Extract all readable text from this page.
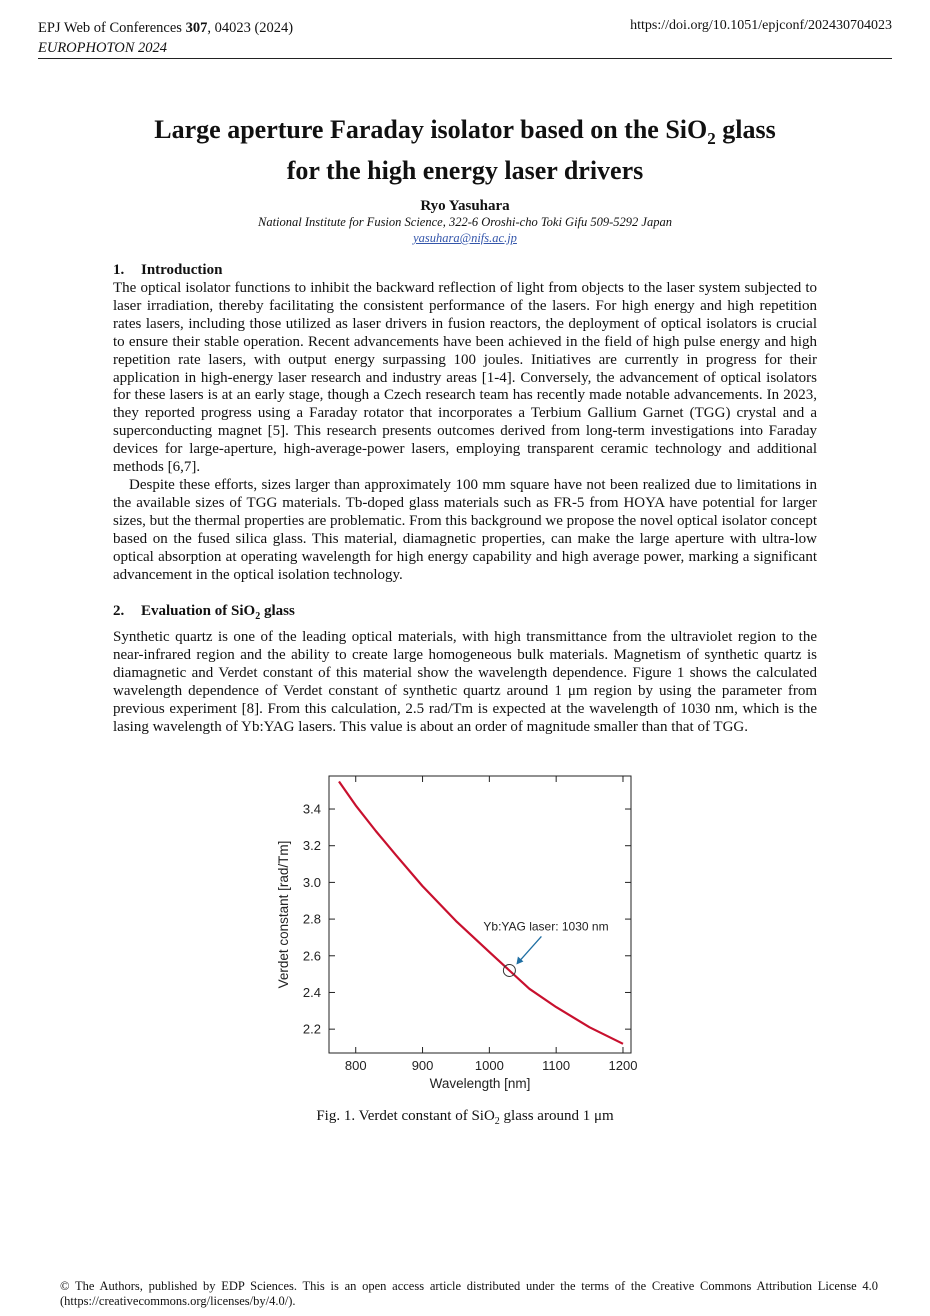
EPJ Web of Conferences 307, 04023 (2024)
EUROPHOTON 2024
https://doi.org/10.1051/epjconf/202430704023
Large aperture Faraday isolator based on the SiO$_2$ glass
for the high energy laser drivers
Ryo Yasuhara
National Institute for Fusion Science, 322-6 Oroshi-cho Toki Gifu 509-5292 Japan
yasuhara@nifs.ac.jp
1. Introduction
The optical isolator functions to inhibit the backward reflection of light from objects to the laser system subjected to laser irradiation, thereby facilitating the consistent performance of the lasers. For high energy and high repetition rates lasers, including those utilized as laser drivers in fusion reactors, the deployment of optical isolators is crucial to ensure their stable operation. Recent advancements have been achieved in the field of high pulse energy and high repetition rate lasers, with output energy surpassing 100 joules. Initiatives are currently in progress for their application in high-energy laser research and industry areas [1-4]. Conversely, the advancement of optical isolators for these lasers is at an early stage, though a Czech research team has recently made notable advancements. In 2023, they reported progress using a Faraday rotator that incorporates a Terbium Gallium Garnet (TGG) crystal and a superconducting magnet [5]. This research presents outcomes derived from long-term investigations into Faraday devices for large-aperture, high-average-power lasers, employing transparent ceramic technology and additional methods [6,7].
Despite these efforts, sizes larger than approximately 100 mm square have not been realized due to limitations in the available sizes of TGG materials. Tb-doped glass materials such as FR-5 from HOYA have potential for larger sizes, but the thermal properties are problematic. From this background we propose the novel optical isolator concept based on the fused silica glass. This material, diamagnetic properties, can make the large aperture with ultra-low optical absorption at operating wavelength for high energy capability and high average power, marking a significant advancement in the optical isolation technology.
2. Evaluation of SiO$_2$ glass
Synthetic quartz is one of the leading optical materials, with high transmittance from the ultraviolet region to the near-infrared region and the ability to create large homogeneous bulk materials. Magnetism of synthetic quartz is diamagnetic and Verdet constant of this material show the wavelength dependence. Figure 1 shows the calculated wavelength dependence of Verdet constant of synthetic quartz around 1 μm region by using the parameter from previous experiment [8]. From this calculation, 2.5 rad/Tm is expected at the wavelength of 1030 nm, which is the lasing wavelength of Yb:YAG lasers. This value is about an order of magnitude smaller than that of TGG.
800	900	1000	1100	1200
2.2
2.4
2.6
2.8
3.0
3.2
3.4
Wavelength [nm]
Verdet constant [rad/Tm]	Yb:YAG laser: 1030 nm
Fig. 1. Verdet constant of SiO$_2$ glass around 1 μm
© The Authors, published by EDP Sciences. This is an open access article distributed under the terms of the Creative Commons Attribution License 4.0 (https://creativecommons.org/licenses/by/4.0/).
